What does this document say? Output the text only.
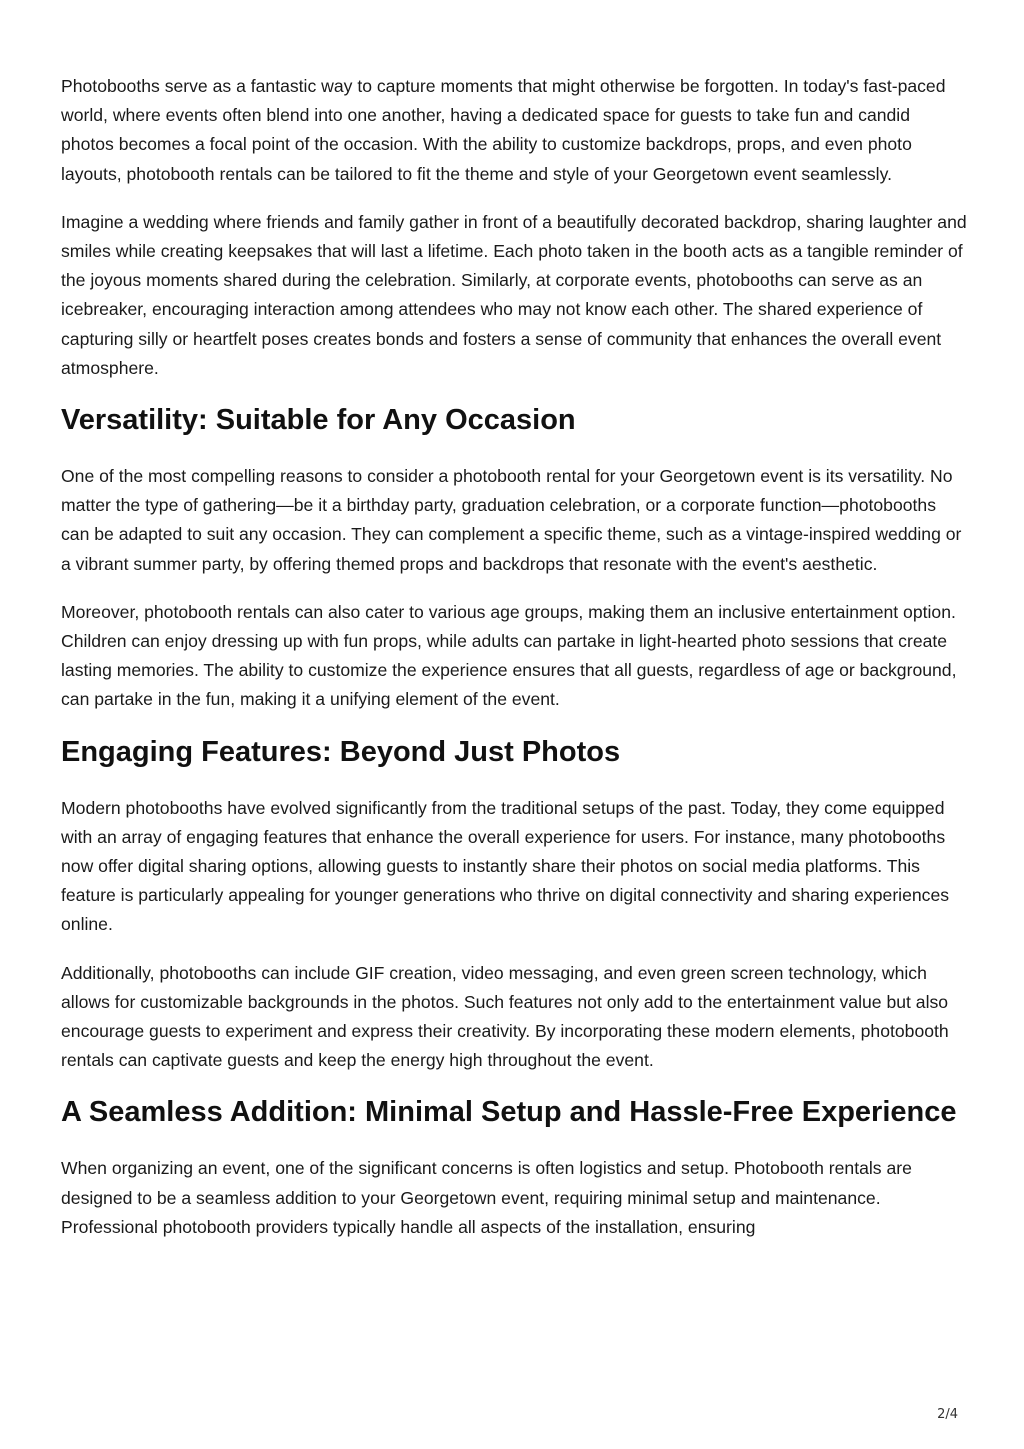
Photobooths serve as a fantastic way to capture moments that might otherwise be forgotten. In today's fast-paced world, where events often blend into one another, having a dedicated space for guests to take fun and candid photos becomes a focal point of the occasion. With the ability to customize backdrops, props, and even photo layouts, photobooth rentals can be tailored to fit the theme and style of your Georgetown event seamlessly.

Imagine a wedding where friends and family gather in front of a beautifully decorated backdrop, sharing laughter and smiles while creating keepsakes that will last a lifetime. Each photo taken in the booth acts as a tangible reminder of the joyous moments shared during the celebration. Similarly, at corporate events, photobooths can serve as an icebreaker, encouraging interaction among attendees who may not know each other. The shared experience of capturing silly or heartfelt poses creates bonds and fosters a sense of community that enhances the overall event atmosphere.

Versatility: Suitable for Any Occasion

One of the most compelling reasons to consider a photobooth rental for your Georgetown event is its versatility. No matter the type of gathering—be it a birthday party, graduation celebration, or a corporate function—photobooths can be adapted to suit any occasion. They can complement a specific theme, such as a vintage-inspired wedding or a vibrant summer party, by offering themed props and backdrops that resonate with the event's aesthetic.

Moreover, photobooth rentals can also cater to various age groups, making them an inclusive entertainment option. Children can enjoy dressing up with fun props, while adults can partake in light-hearted photo sessions that create lasting memories. The ability to customize the experience ensures that all guests, regardless of age or background, can partake in the fun, making it a unifying element of the event.

Engaging Features: Beyond Just Photos

Modern photobooths have evolved significantly from the traditional setups of the past. Today, they come equipped with an array of engaging features that enhance the overall experience for users. For instance, many photobooths now offer digital sharing options, allowing guests to instantly share their photos on social media platforms. This feature is particularly appealing for younger generations who thrive on digital connectivity and sharing experiences online.

Additionally, photobooths can include GIF creation, video messaging, and even green screen technology, which allows for customizable backgrounds in the photos. Such features not only add to the entertainment value but also encourage guests to experiment and express their creativity. By incorporating these modern elements, photobooth rentals can captivate guests and keep the energy high throughout the event.

A Seamless Addition: Minimal Setup and Hassle-Free Experience

When organizing an event, one of the significant concerns is often logistics and setup. Photobooth rentals are designed to be a seamless addition to your Georgetown event, requiring minimal setup and maintenance. Professional photobooth providers typically handle all aspects of the installation, ensuring

2/4
